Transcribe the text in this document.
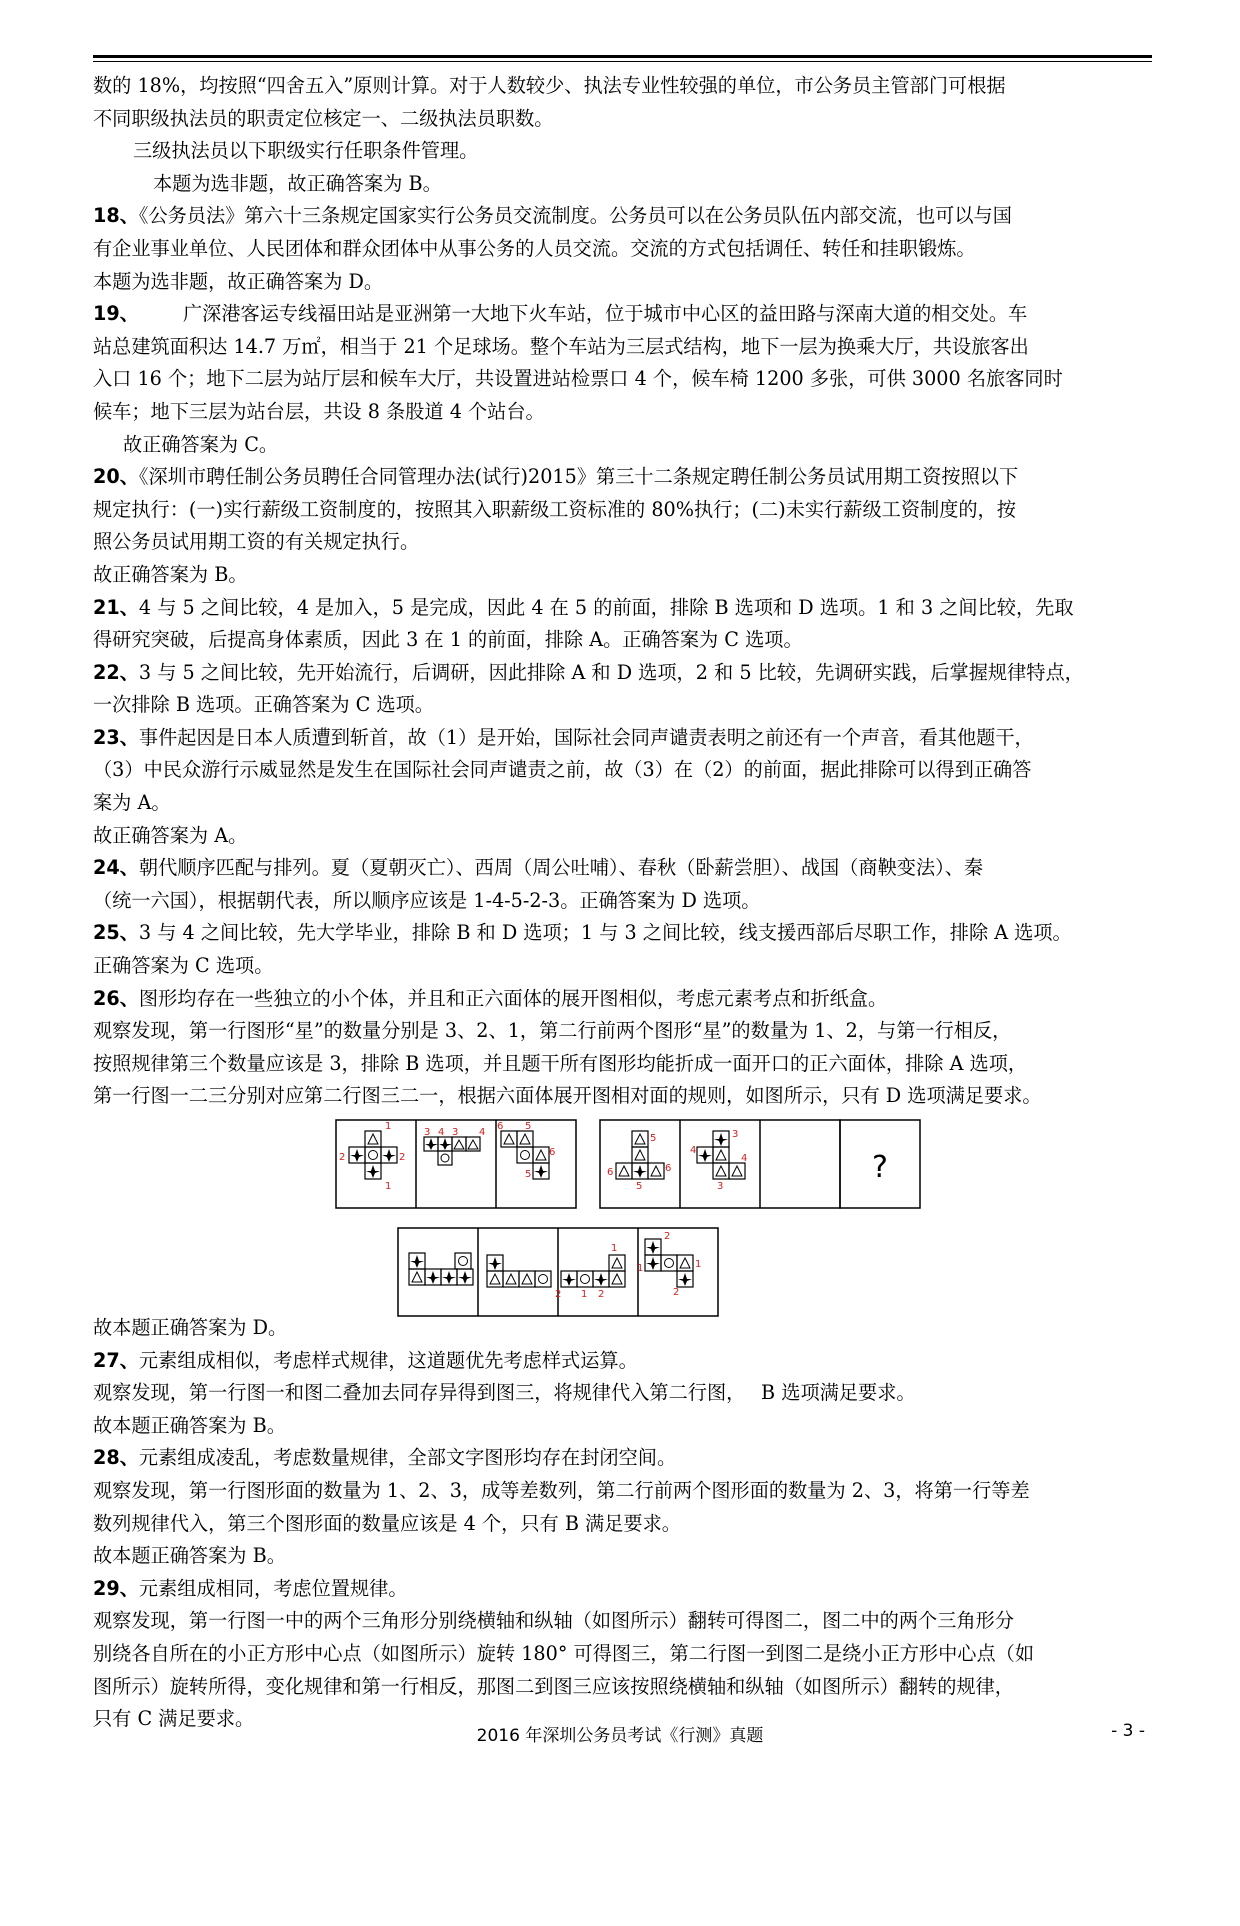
数的 18%，均按照“四舍五入”原则计算。对于人数较少、执法专业性较强的单位，市公务员主管部门可根据
不同职级执法员的职责定位核定一、二级执法员职数。
三级执法员以下职级实行任职条件管理。
本题为选非题，故正确答案为 B。
18、《公务员法》第六十三条规定国家实行公务员交流制度。公务员可以在公务员队伍内部交流，也可以与国
有企业事业单位、人民团体和群众团体中从事公务的人员交流。交流的方式包括调任、转任和挂职锻炼。
本题为选非题，故正确答案为 D。
19、 广深港客运专线福田站是亚洲第一大地下火车站，位于城市中心区的益田路与深南大道的相交处。车
站总建筑面积达 14.7 万㎡，相当于 21 个足球场。整个车站为三层式结构，地下一层为换乘大厅，共设旅客出
入口 16 个；地下二层为站厅层和候车大厅，共设置进站检票口 4 个，候车椅 1200 多张，可供 3000 名旅客同时
候车；地下三层为站台层，共设 8 条股道 4 个站台。
故正确答案为 C。
20、《深圳市聘任制公务员聘任合同管理办法(试行)2015》第三十二条规定聘任制公务员试用期工资按照以下
规定执行：(一)实行薪级工资制度的，按照其入职薪级工资标准的 80%执行；(二)未实行薪级工资制度的，按
照公务员试用期工资的有关规定执行。
故正确答案为 B。
21、4 与 5 之间比较，4 是加入，5 是完成，因此 4 在 5 的前面，排除 B 选项和 D 选项。1 和 3 之间比较，先取
得研究突破，后提高身体素质，因此 3 在 1 的前面，排除 A。正确答案为 C 选项。
22、3 与 5 之间比较，先开始流行，后调研，因此排除 A 和 D 选项，2 和 5 比较，先调研实践，后掌握规律特点，
一次排除 B 选项。正确答案为 C 选项。
23、事件起因是日本人质遭到斩首，故（1）是开始，国际社会同声谴责表明之前还有一个声音，看其他题干，
（3）中民众游行示威显然是发生在国际社会同声谴责之前，故（3）在（2）的前面，据此排除可以得到正确答
案为 A。
故正确答案为 A。
24、朝代顺序匹配与排列。夏（夏朝灭亡）、西周（周公吐哺）、春秋（卧薪尝胆）、战国（商鞅变法）、秦
（统一六国），根据朝代表，所以顺序应该是 1-4-5-2-3。正确答案为 D 选项。
25、3 与 4 之间比较，先大学毕业，排除 B 和 D 选项；1 与 3 之间比较，线支援西部后尽职工作，排除 A 选项。
正确答案为 C 选项。
26、图形均存在一些独立的小个体，并且和正六面体的展开图相似，考虑元素考点和折纸盒。
观察发现，第一行图形“星”的数量分别是 3、2、1，第二行前两个图形“星”的数量为 1、2，与第一行相反，
按照规律第三个数量应该是 3，排除 B 选项，并且题干所有图形均能折成一面开口的正六面体，排除 A 选项，
第一行图一二三分别对应第二行图三二一，根据六面体展开图相对面的规则，如图所示，只有 D 选项满足要求。
?
1
2	2
1
3 4 3 4
6 5
6
5
5
6	6
5
3
4
4
3
1
2 1 2
2
1	1
2
故本题正确答案为 D。
27、元素组成相似，考虑样式规律，这道题优先考虑样式运算。
观察发现，第一行图一和图二叠加去同存异得到图三，将规律代入第二行图，　 B 选项满足要求。
故本题正确答案为 B。
28、元素组成凌乱，考虑数量规律，全部文字图形均存在封闭空间。
观察发现，第一行图形面的数量为 1、2、3，成等差数列，第二行前两个图形面的数量为 2、3，将第一行等差
数列规律代入，第三个图形面的数量应该是 4 个，只有 B 满足要求。
故本题正确答案为 B。
29、元素组成相同，考虑位置规律。
观察发现，第一行图一中的两个三角形分别绕横轴和纵轴（如图所示）翻转可得图二，图二中的两个三角形分
别绕各自所在的小正方形中心点（如图所示）旋转 180° 可得图三，第二行图一到图二是绕小正方形中心点（如
图所示）旋转所得，变化规律和第一行相反，那图二到图三应该按照绕横轴和纵轴（如图所示）翻转的规律，
只有 C 满足要求。
2016 年深圳公务员考试《行测》真题	- 3 -
